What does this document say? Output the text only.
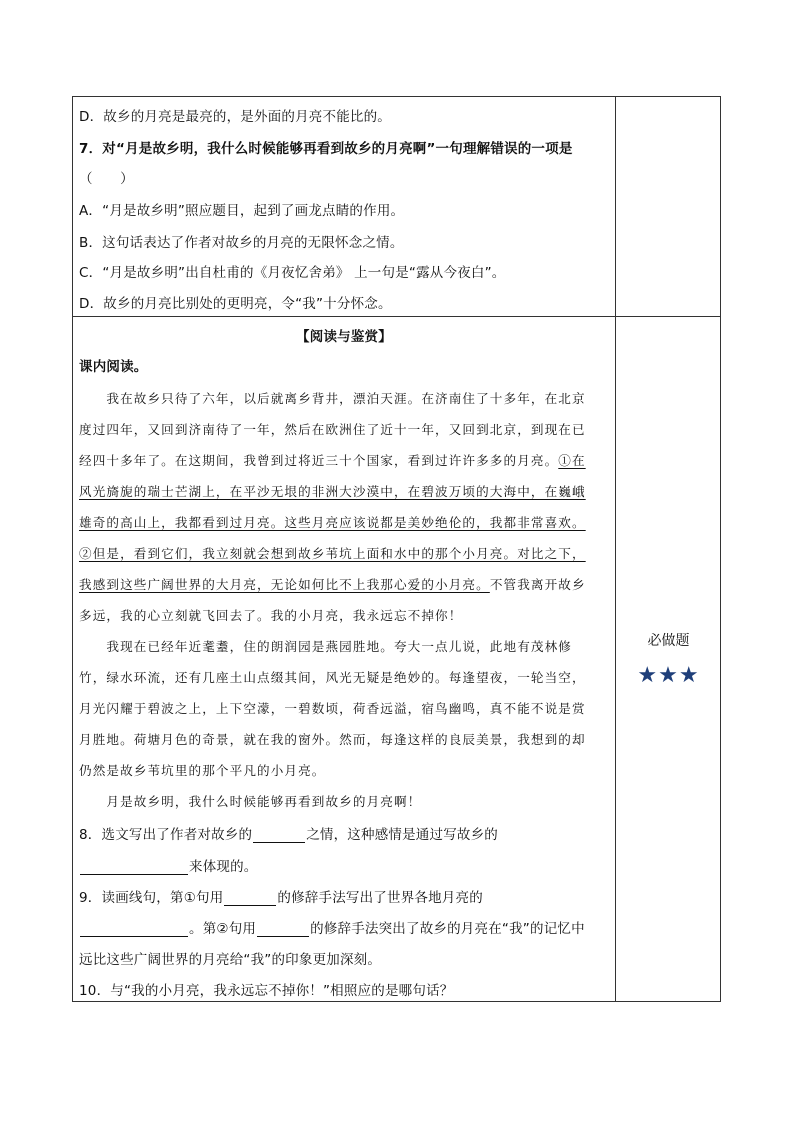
D．故乡的月亮是最亮的，是外面的月亮不能比的。
7．对“月是故乡明，我什么时候能够再看到故乡的月亮啊”一句理解错误的一项是
（　　）
A．“月是故乡明”照应题目，起到了画龙点睛的作用。
B．这句话表达了作者对故乡的月亮的无限怀念之情。
C．“月是故乡明”出自杜甫的《月夜忆舍弟》 上一句是“露从今夜白”。
D．故乡的月亮比别处的更明亮，令“我”十分怀念。
【阅读与鉴赏】
课内阅读。
　　我在故乡只待了六年，以后就离乡背井，漂泊天涯。在济南住了十多年，在北京
度过四年，又回到济南待了一年，然后在欧洲住了近十一年，又回到北京，到现在已
经四十多年了。在这期间，我曾到过将近三十个国家，看到过许许多多的月亮。①在
风光旖旎的瑞士芒湖上，在平沙无垠的非洲大沙漠中，在碧波万顷的大海中，在巍峨
雄奇的高山上，我都看到过月亮。这些月亮应该说都是美妙绝伦的，我都非常喜欢。
②但是，看到它们，我立刻就会想到故乡苇坑上面和水中的那个小月亮。对比之下，
我感到这些广阔世界的大月亮，无论如何比不上我那心爱的小月亮。不管我离开故乡
多远，我的心立刻就飞回去了。我的小月亮，我永远忘不掉你！
　　我现在已经年近耄耋，住的朗润园是燕园胜地。夸大一点儿说，此地有茂林修
竹，绿水环流，还有几座土山点缀其间，风光无疑是绝妙的。每逢望夜，一轮当空，
月光闪耀于碧波之上，上下空濛，一碧数顷，荷香远溢，宿鸟幽鸣，真不能不说是赏
月胜地。荷塘月色的奇景，就在我的窗外。然而，每逢这样的良辰美景，我想到的却
仍然是故乡苇坑里的那个平凡的小月亮。
　　月是故乡明，我什么时候能够再看到故乡的月亮啊！
8．选文写出了作者对故乡的	之情，这种感情是通过写故乡的
来体现的。
9．读画线句，第①句用	的修辞手法写出了世界各地月亮的
。第②句用	的修辞手法突出了故乡的月亮在“我”的记忆中
远比这些广阔世界的月亮给“我”的印象更加深刻。
10．与“我的小月亮，我永远忘不掉你！”相照应的是哪句话？
必做题
★★★
